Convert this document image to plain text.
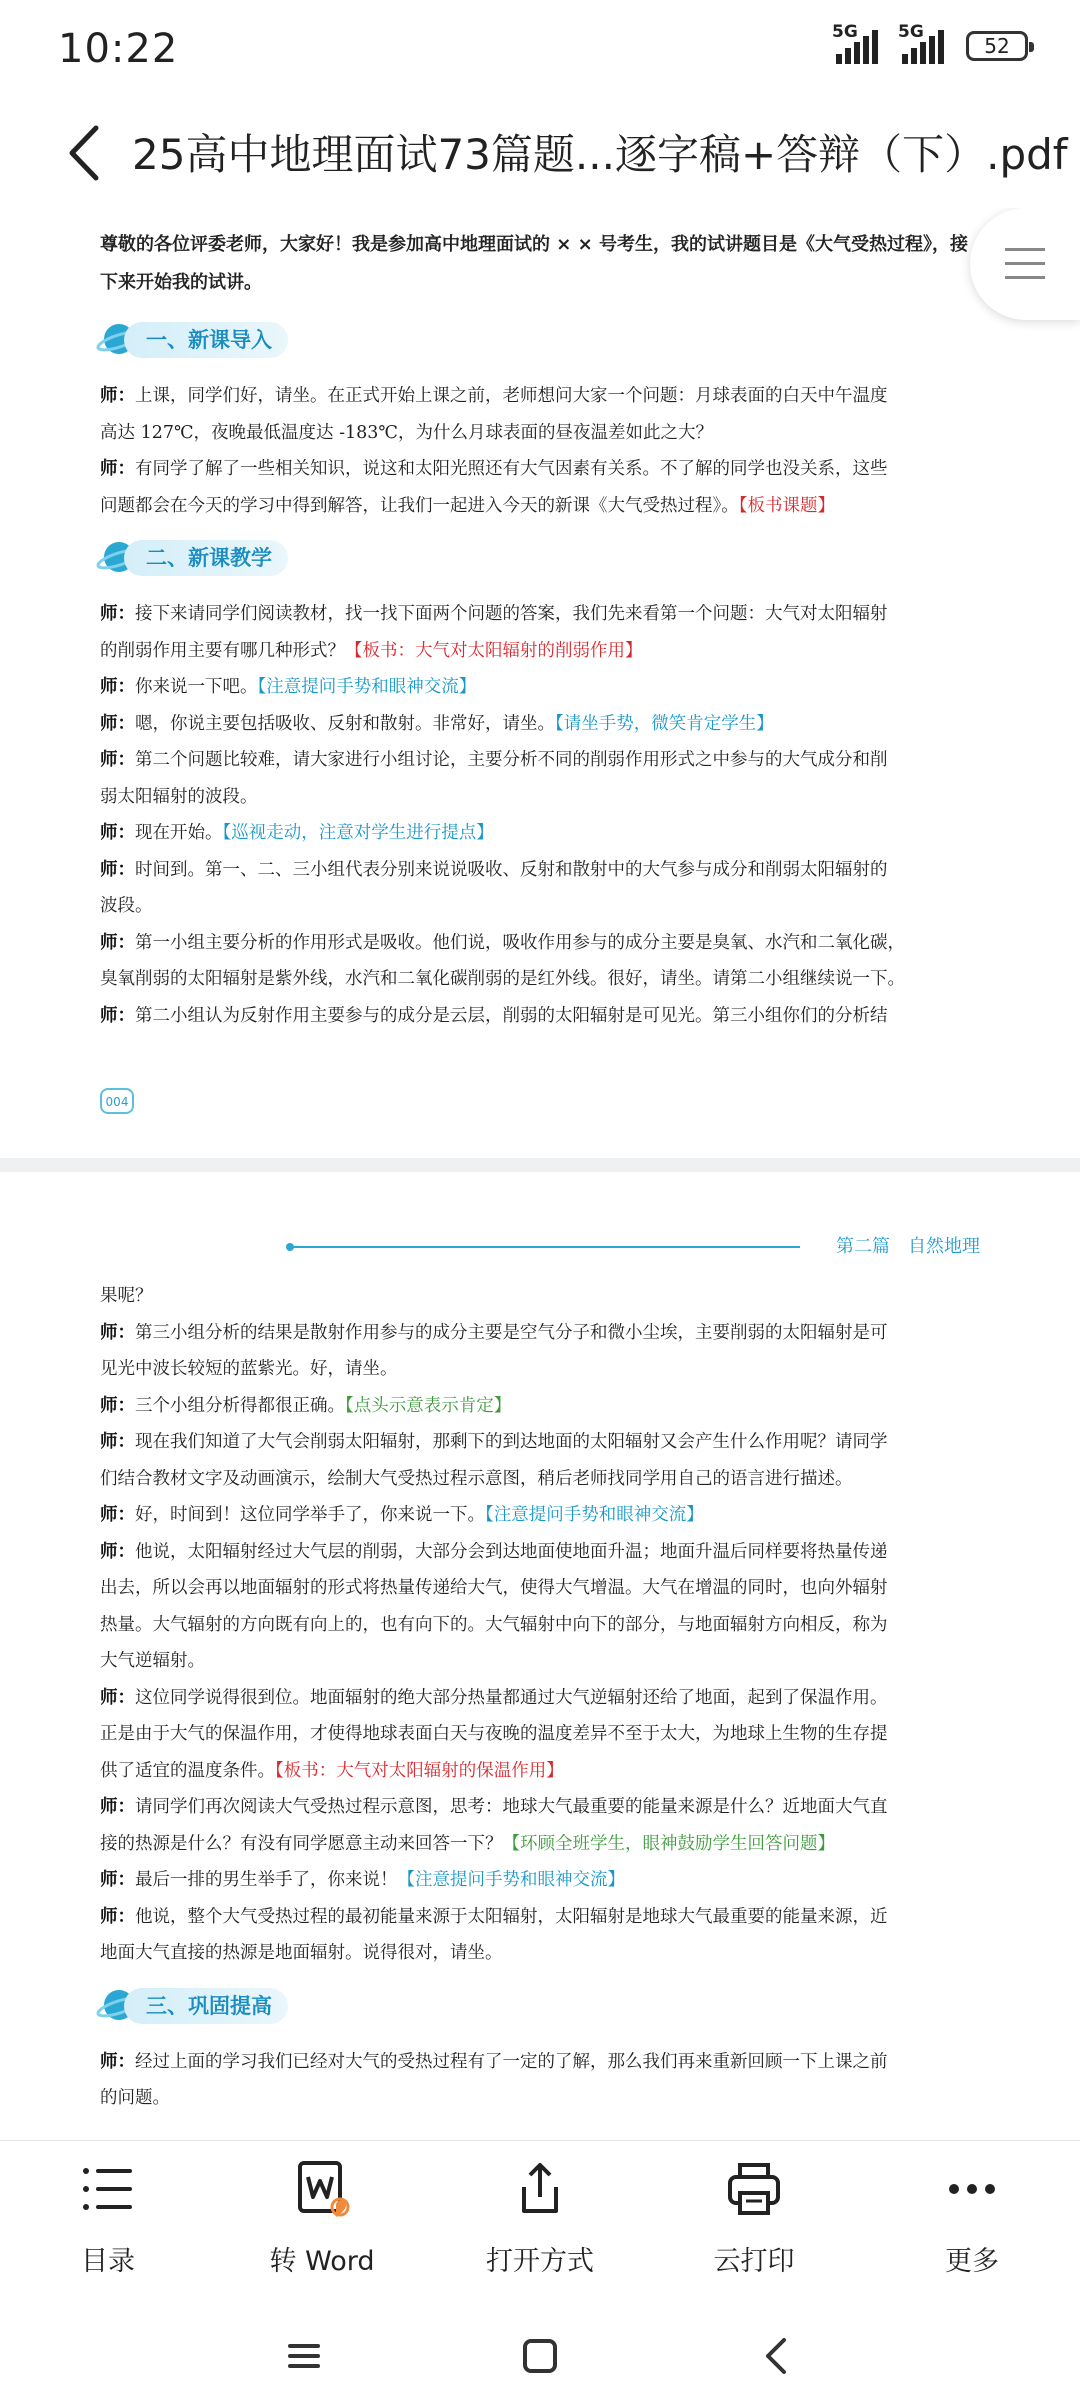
10:22	5G 5G
52
25高中地理面试73篇题...逐字稿+答辩（下）.pdf

尊敬的各位评委老师，大家好！我是参加高中地理面试的 × × 号考生，我的试讲题目是《大气受热过程》，接下来开始我的试讲。

一、新课导入

师：上课，同学们好，请坐。在正式开始上课之前，老师想问大家一个问题：月球表面的白天中午温度

高达 127℃，夜晚最低温度达 -183℃，为什么月球表面的昼夜温差如此之大？

师：有同学了解了一些相关知识，说这和太阳光照还有大气因素有关系。不了解的同学也没关系，这些

问题都会在今天的学习中得到解答，让我们一起进入今天的新课《大气受热过程》。【板书课题】

二、新课教学

师：接下来请同学们阅读教材，找一找下面两个问题的答案，我们先来看第一个问题：大气对太阳辐射

的削弱作用主要有哪几种形式？【板书：大气对太阳辐射的削弱作用】

师：你来说一下吧。【注意提问手势和眼神交流】

师：嗯，你说主要包括吸收、反射和散射。非常好，请坐。【请坐手势，微笑肯定学生】

师：第二个问题比较难，请大家进行小组讨论，主要分析不同的削弱作用形式之中参与的大气成分和削

弱太阳辐射的波段。

师：现在开始。【巡视走动，注意对学生进行提点】

师：时间到。第一、二、三小组代表分别来说说吸收、反射和散射中的大气参与成分和削弱太阳辐射的

波段。

师：第一小组主要分析的作用形式是吸收。他们说，吸收作用参与的成分主要是臭氧、水汽和二氧化碳，

臭氧削弱的太阳辐射是紫外线，水汽和二氧化碳削弱的是红外线。很好，请坐。请第二小组继续说一下。

师：第二小组认为反射作用主要参与的成分是云层，削弱的太阳辐射是可见光。第三小组你们的分析结

004
第二篇　自然地理

果呢？

师：第三小组分析的结果是散射作用参与的成分主要是空气分子和微小尘埃，主要削弱的太阳辐射是可

见光中波长较短的蓝紫光。好，请坐。

师：三个小组分析得都很正确。【点头示意表示肯定】

师：现在我们知道了大气会削弱太阳辐射，那剩下的到达地面的太阳辐射又会产生什么作用呢？请同学

们结合教材文字及动画演示，绘制大气受热过程示意图，稍后老师找同学用自己的语言进行描述。

师：好，时间到！这位同学举手了，你来说一下。【注意提问手势和眼神交流】

师：他说，太阳辐射经过大气层的削弱，大部分会到达地面使地面升温；地面升温后同样要将热量传递

出去，所以会再以地面辐射的形式将热量传递给大气，使得大气增温。大气在增温的同时，也向外辐射

热量。大气辐射的方向既有向上的，也有向下的。大气辐射中向下的部分，与地面辐射方向相反，称为

大气逆辐射。

师：这位同学说得很到位。地面辐射的绝大部分热量都通过大气逆辐射还给了地面，起到了保温作用。

正是由于大气的保温作用，才使得地球表面白天与夜晚的温度差异不至于太大，为地球上生物的生存提

供了适宜的温度条件。【板书：大气对太阳辐射的保温作用】

师：请同学们再次阅读大气受热过程示意图，思考：地球大气最重要的能量来源是什么？近地面大气直

接的热源是什么？有没有同学愿意主动来回答一下？【环顾全班学生，眼神鼓励学生回答问题】

师：最后一排的男生举手了，你来说！【注意提问手势和眼神交流】

师：他说，整个大气受热过程的最初能量来源于太阳辐射，太阳辐射是地球大气最重要的能量来源，近

地面大气直接的热源是地面辐射。说得很对，请坐。

三、巩固提高

师：经过上面的学习我们已经对大气的受热过程有了一定的了解，那么我们再来重新回顾一下上课之前

的问题。

目录	转 Word	打开方式	云打印	更多
